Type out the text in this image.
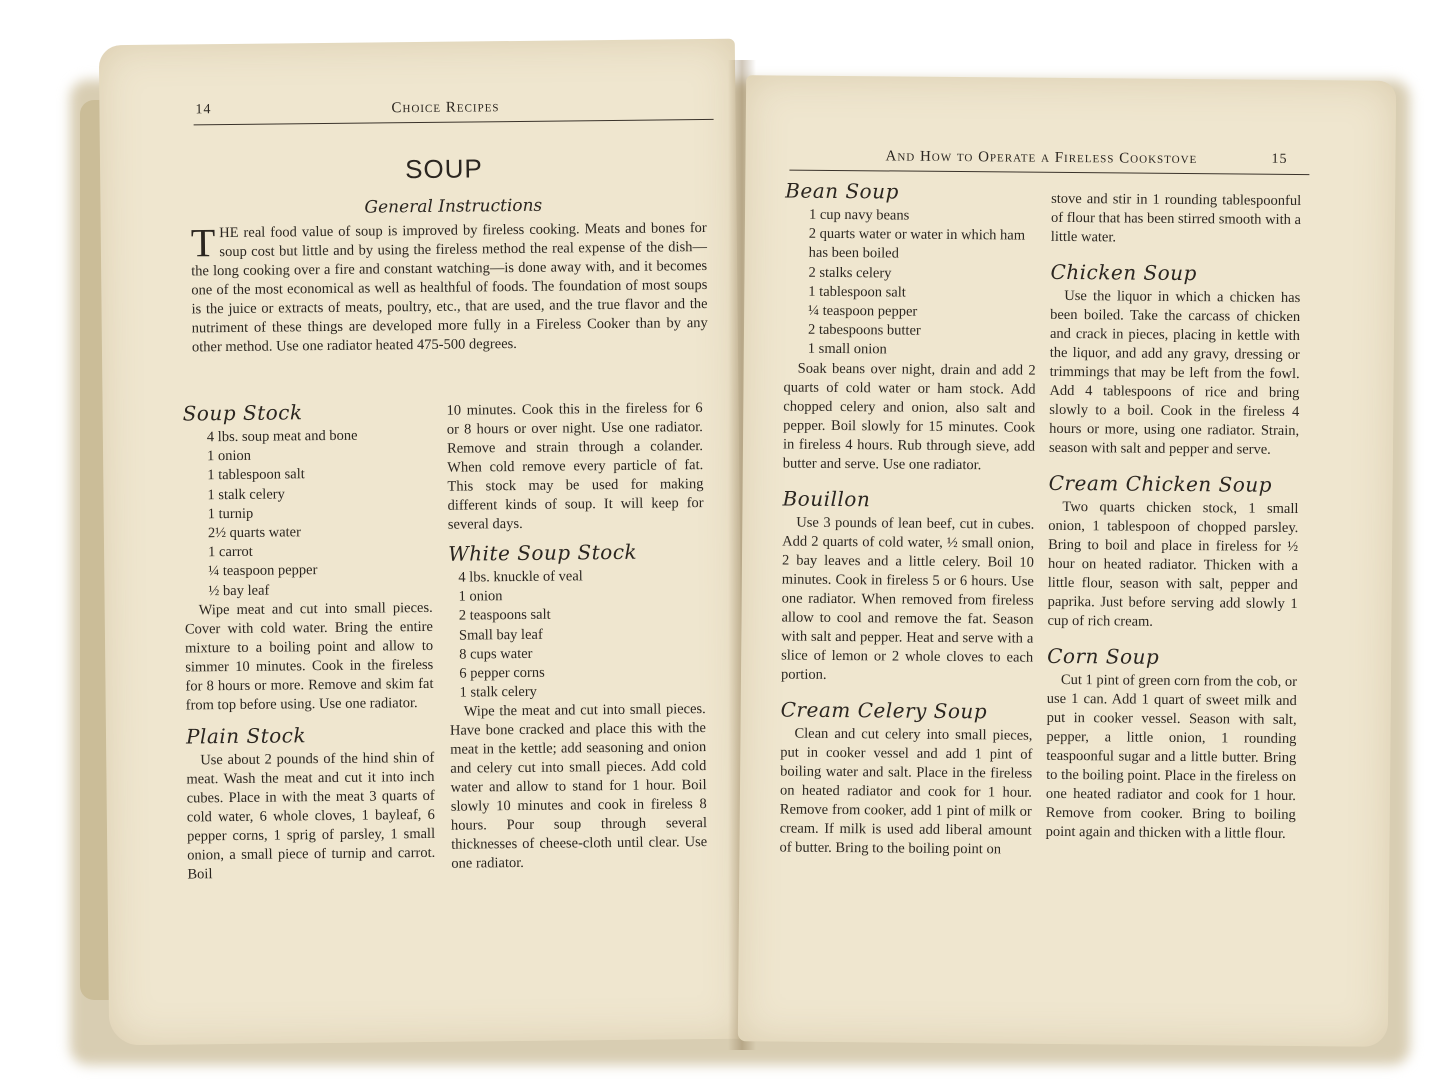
14	Choice Recipes
SOUP
General Instructions

THE real food value of soup is improved by fireless cooking. Meats and bones for soup cost but little and by using the fireless method the real expense of the dish—the long cooking over a fire and constant watching—is done away with, and it becomes one of the most economical as well as healthful of foods. The foundation of most soups is the juice or extracts of meats, poultry, etc., that are used, and the true flavor and the nutriment of these things are developed more fully in a Fireless Cooker than by any other method. Use one radiator heated 475-500 degrees.

Soup Stock
4 lbs. soup meat and bone
1 onion
1 tablespoon salt
1 stalk celery
1 turnip
2½ quarts water
1 carrot
¼ teaspoon pepper
½ bay leaf

Wipe meat and cut into small pieces. Cover with cold water. Bring the entire mixture to a boiling point and allow to simmer 10 minutes. Cook in the fireless for 8 hours or more. Remove and skim fat from top before using. Use one radiator.

Plain Stock

Use about 2 pounds of the hind shin of meat. Wash the meat and cut it into inch cubes. Place in with the meat 3 quarts of cold water, 6 whole cloves, 1 bayleaf, 6 pepper corns, 1 sprig of parsley, 1 small onion, a small piece of turnip and carrot. Boil

10 minutes. Cook this in the fireless for 6 or 8 hours or over night. Use one radiator. Remove and strain through a colander. When cold remove every particle of fat. This stock may be used for making different kinds of soup. It will keep for several days.

White Soup Stock
4 lbs. knuckle of veal
1 onion
2 teaspoons salt
Small bay leaf
8 cups water
6 pepper corns
1 stalk celery

Wipe the meat and cut into small pieces. Have bone cracked and place this with the meat in the kettle; add seasoning and onion and celery cut into small pieces. Add cold water and allow to stand for 1 hour. Boil slowly 10 minutes and cook in fireless 8 hours. Pour soup through several thicknesses of cheese-cloth until clear. Use one radiator.

And How to Operate a Fireless Cookstove	15
Bean Soup
1 cup navy beans
2 quarts water or water in which ham has been boiled
2 stalks celery
1 tablespoon salt
¼ teaspoon pepper
2 tabespoons butter
1 small onion

Soak beans over night, drain and add 2 quarts of cold water or ham stock. Add chopped celery and onion, also salt and pepper. Boil slowly for 15 minutes. Cook in fireless 4 hours. Rub through sieve, add butter and serve. Use one radiator.

Bouillon

Use 3 pounds of lean beef, cut in cubes. Add 2 quarts of cold water, ½ small onion, 2 bay leaves and a little celery. Boil 10 minutes. Cook in fireless 5 or 6 hours. Use one radiator. When removed from fireless allow to cool and remove the fat. Season with salt and pepper. Heat and serve with a slice of lemon or 2 whole cloves to each portion.

Cream Celery Soup

Clean and cut celery into small pieces, put in cooker vessel and add 1 pint of boiling water and salt. Place in the fireless on heated radiator and cook for 1 hour. Remove from cooker, add 1 pint of milk or cream. If milk is used add liberal amount of butter. Bring to the boiling point on

stove and stir in 1 rounding tablespoonful of flour that has been stirred smooth with a little water.

Chicken Soup

Use the liquor in which a chicken has been boiled. Take the carcass of chicken and crack in pieces, placing in kettle with the liquor, and add any gravy, dressing or trimmings that may be left from the fowl. Add 4 tablespoons of rice and bring slowly to a boil. Cook in the fireless 4 hours or more, using one radiator. Strain, season with salt and pepper and serve.

Cream Chicken Soup

Two quarts chicken stock, 1 small onion, 1 tablespoon of chopped parsley. Bring to boil and place in fireless for ½ hour on heated radiator. Thicken with a little flour, season with salt, pepper and paprika. Just before serving add slowly 1 cup of rich cream.

Corn Soup

Cut 1 pint of green corn from the cob, or use 1 can. Add 1 quart of sweet milk and put in cooker vessel. Season with salt, pepper, a little onion, 1 rounding teaspoonful sugar and a little butter. Bring to the boiling point. Place in the fireless on one heated radiator and cook for 1 hour. Remove from cooker. Bring to boiling point again and thicken with a little flour.
